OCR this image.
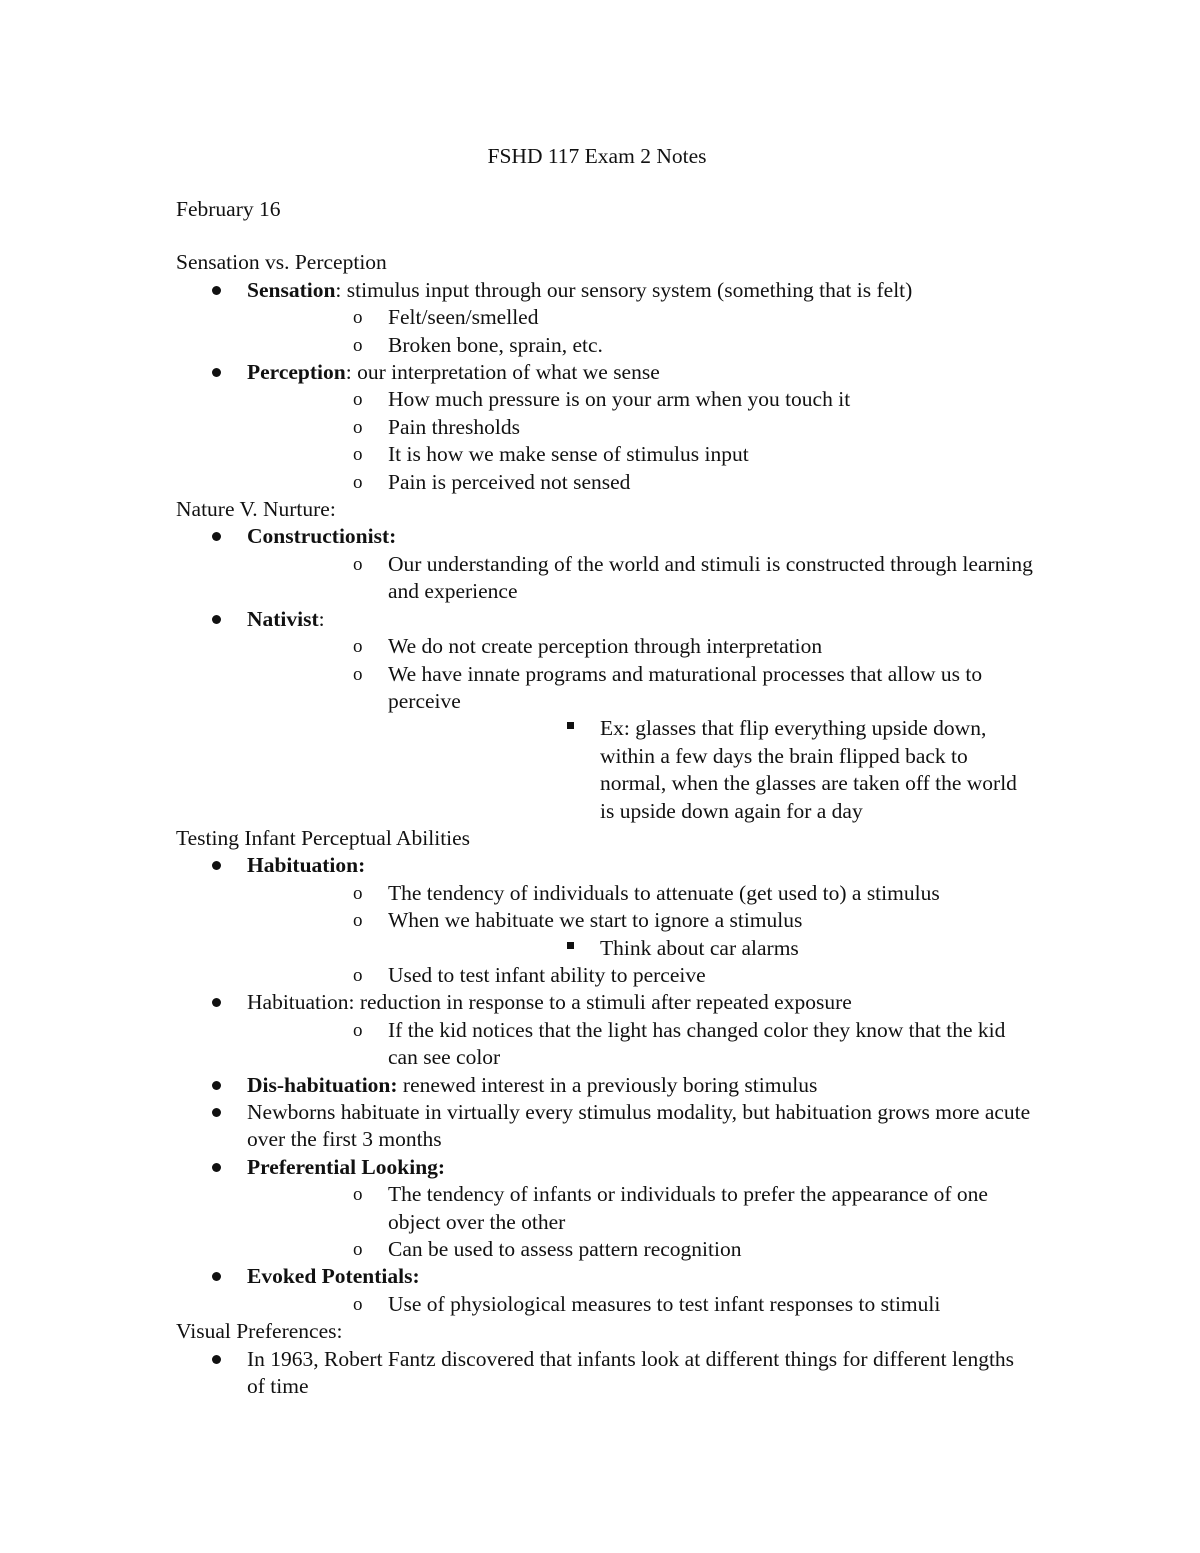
FSHD 117 Exam 2 Notes

February 16

Sensation vs. Perception

Sensation: stimulus input through our sensory system (something that is felt)
o Felt/seen/smelled
o Broken bone, sprain, etc.
Perception: our interpretation of what we sense
o How much pressure is on your arm when you touch it
o Pain thresholds
o It is how we make sense of stimulus input
o Pain is perceived not sensed

Nature V. Nurture:

Constructionist:
o Our understanding of the world and stimuli is constructed through learning and experience
Nativist:
o We do not create perception through interpretation
o We have innate programs and maturational processes that allow us to perceive
Ex: glasses that flip everything upside down, within a few days the brain flipped back to normal, when the glasses are taken off the world is upside down again for a day

Testing Infant Perceptual Abilities

Habituation:
o The tendency of individuals to attenuate (get used to) a stimulus
o When we habituate we start to ignore a stimulus
Think about car alarms
o Used to test infant ability to perceive
Habituation: reduction in response to a stimuli after repeated exposure
o If the kid notices that the light has changed color they know that the kid can see color
Dis-habituation: renewed interest in a previously boring stimulus
Newborns habituate in virtually every stimulus modality, but habituation grows more acute over the first 3 months
Preferential Looking:
o The tendency of infants or individuals to prefer the appearance of one object over the other
o Can be used to assess pattern recognition
Evoked Potentials:
o Use of physiological measures to test infant responses to stimuli

Visual Preferences:

In 1963, Robert Fantz discovered that infants look at different things for different lengths of time
